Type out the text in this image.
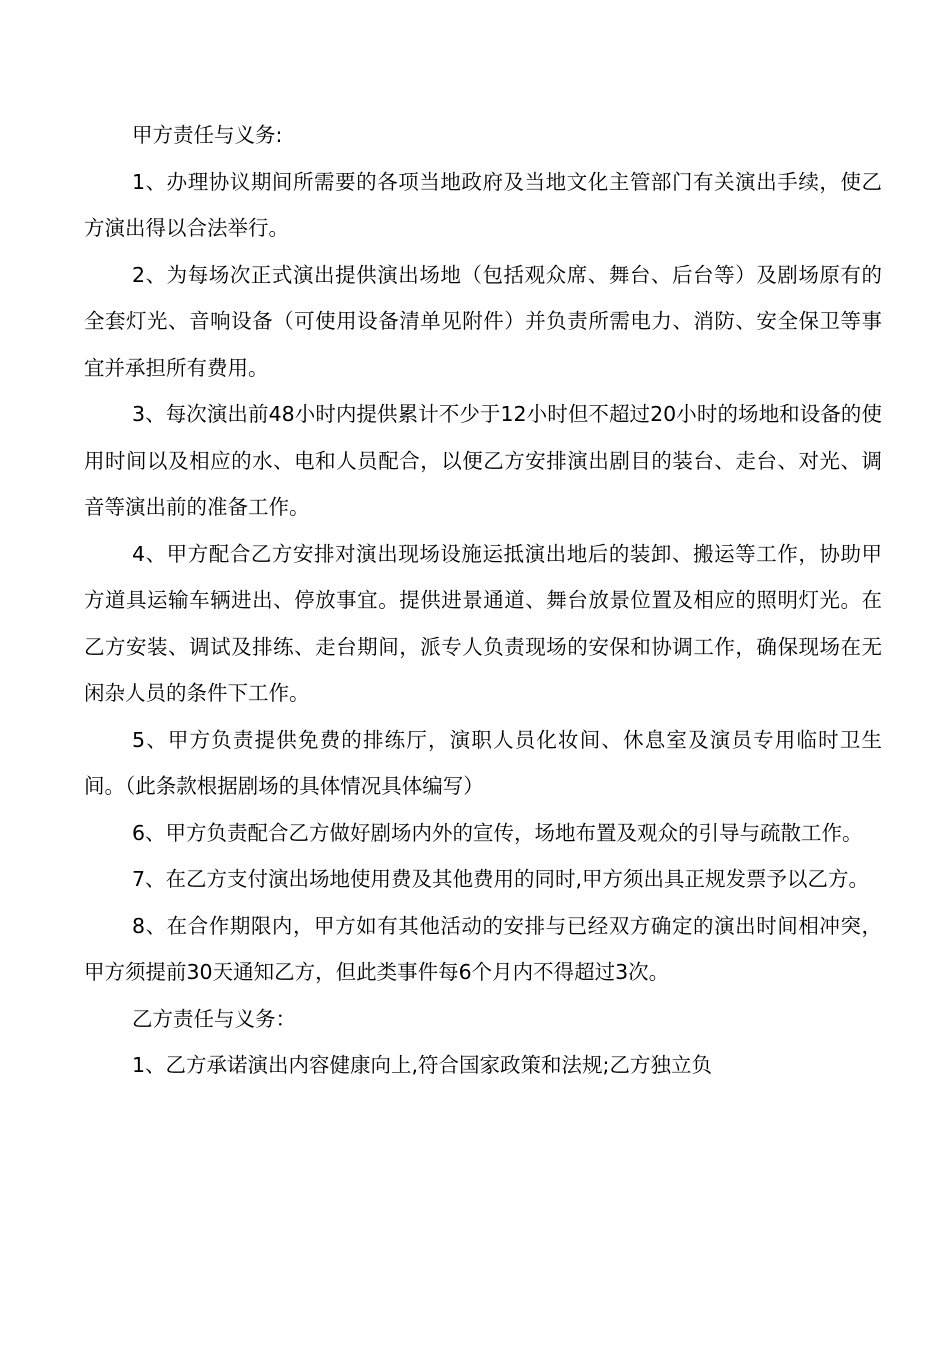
甲方责任与义务:

1、办理协议期间所需要的各项当地政府及当地文化主管部门有关演出手续，使乙方演出得以合法举行。

2、为每场次正式演出提供演出场地（包括观众席、舞台、后台等）及剧场原有的全套灯光、音响设备（可使用设备清单见附件）并负责所需电力、消防、安全保卫等事宜并承担所有费用。

3、每次演出前48小时内提供累计不少于12小时但不超过20小时的场地和设备的使用时间以及相应的水、电和人员配合，以便乙方安排演出剧目的装台、走台、对光、调音等演出前的准备工作。

4、甲方配合乙方安排对演出现场设施运抵演出地后的装卸、搬运等工作，协助甲方道具运输车辆进出、停放事宜。提供进景通道、舞台放景位置及相应的照明灯光。在乙方安装、调试及排练、走台期间，派专人负责现场的安保和协调工作，确保现场在无闲杂人员的条件下工作。

5、甲方负责提供免费的排练厅，演职人员化妆间、休息室及演员专用临时卫生间。（此条款根据剧场的具体情况具体编写）

6、甲方负责配合乙方做好剧场内外的宣传，场地布置及观众的引导与疏散工作。

7、在乙方支付演出场地使用费及其他费用的同时,甲方须出具正规发票予以乙方。

8、在合作期限内，甲方如有其他活动的安排与已经双方确定的演出时间相冲突，甲方须提前30天通知乙方，但此类事件每6个月内不得超过3次。

乙方责任与义务：

1、乙方承诺演出内容健康向上,符合国家政策和法规;乙方独立负
